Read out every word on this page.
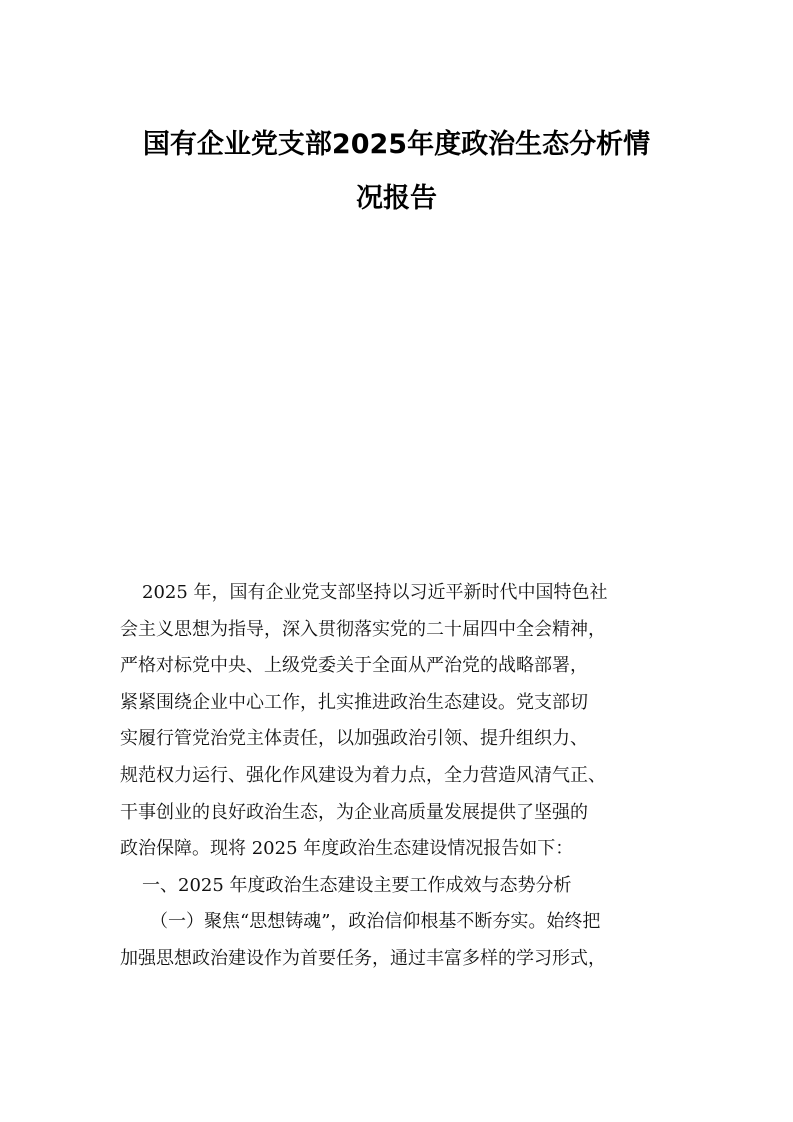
国有企业党支部2025年度政治生态分析情
况报告
2025 年，国有企业党支部坚持以习近平新时代中国特色社
会主义思想为指导，深入贯彻落实党的二十届四中全会精神，
严格对标党中央、上级党委关于全面从严治党的战略部署，
紧紧围绕企业中心工作，扎实推进政治生态建设。党支部切
实履行管党治党主体责任，以加强政治引领、提升组织力、
规范权力运行、强化作风建设为着力点，全力营造风清气正、
干事创业的良好政治生态，为企业高质量发展提供了坚强的
政治保障。现将 2025 年度政治生态建设情况报告如下：
一、2025 年度政治生态建设主要工作成效与态势分析
（一）聚焦“思想铸魂”，政治信仰根基不断夯实。始终把
加强思想政治建设作为首要任务，通过丰富多样的学习形式，
